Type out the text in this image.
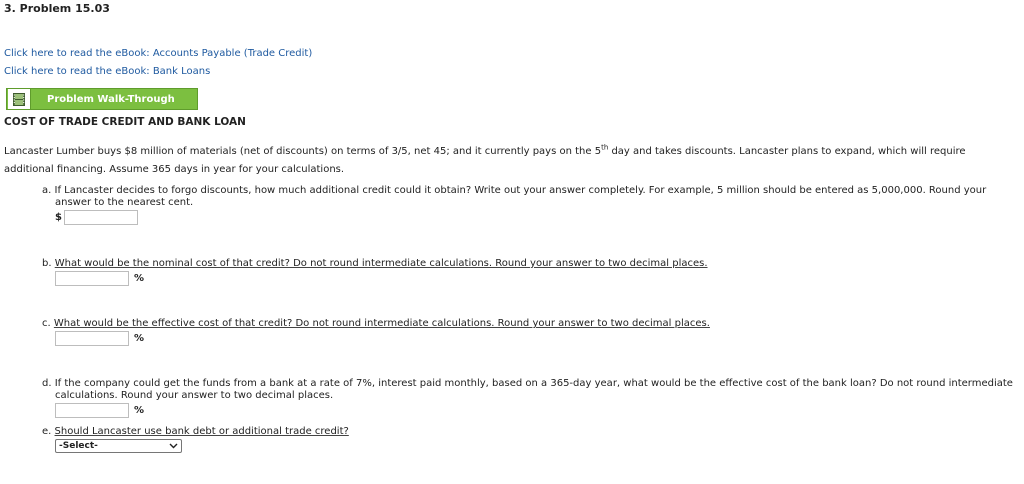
3. Problem 15.03
Click here to read the eBook: Accounts Payable (Trade Credit)
Click here to read the eBook: Bank Loans
Problem Walk-Through
COST OF TRADE CREDIT AND BANK LOAN
Lancaster Lumber buys $8 million of materials (net of discounts) on terms of 3/5, net 45; and it currently pays on the 5th day and takes discounts. Lancaster plans to expand, which will require additional financing. Assume 365 days in year for your calculations.
a. If Lancaster decides to forgo discounts, how much additional credit could it obtain? Write out your answer completely. For example, 5 million should be entered as 5,000,000. Round your answer to the nearest cent.
$
b. What would be the nominal cost of that credit? Do not round intermediate calculations. Round your answer to two decimal places.
%
c. What would be the effective cost of that credit? Do not round intermediate calculations. Round your answer to two decimal places.
%
d. If the company could get the funds from a bank at a rate of 7%, interest paid monthly, based on a 365-day year, what would be the effective cost of the bank loan? Do not round intermediate calculations. Round your answer to two decimal places.
%
e. Should Lancaster use bank debt or additional trade credit?
-Select-
